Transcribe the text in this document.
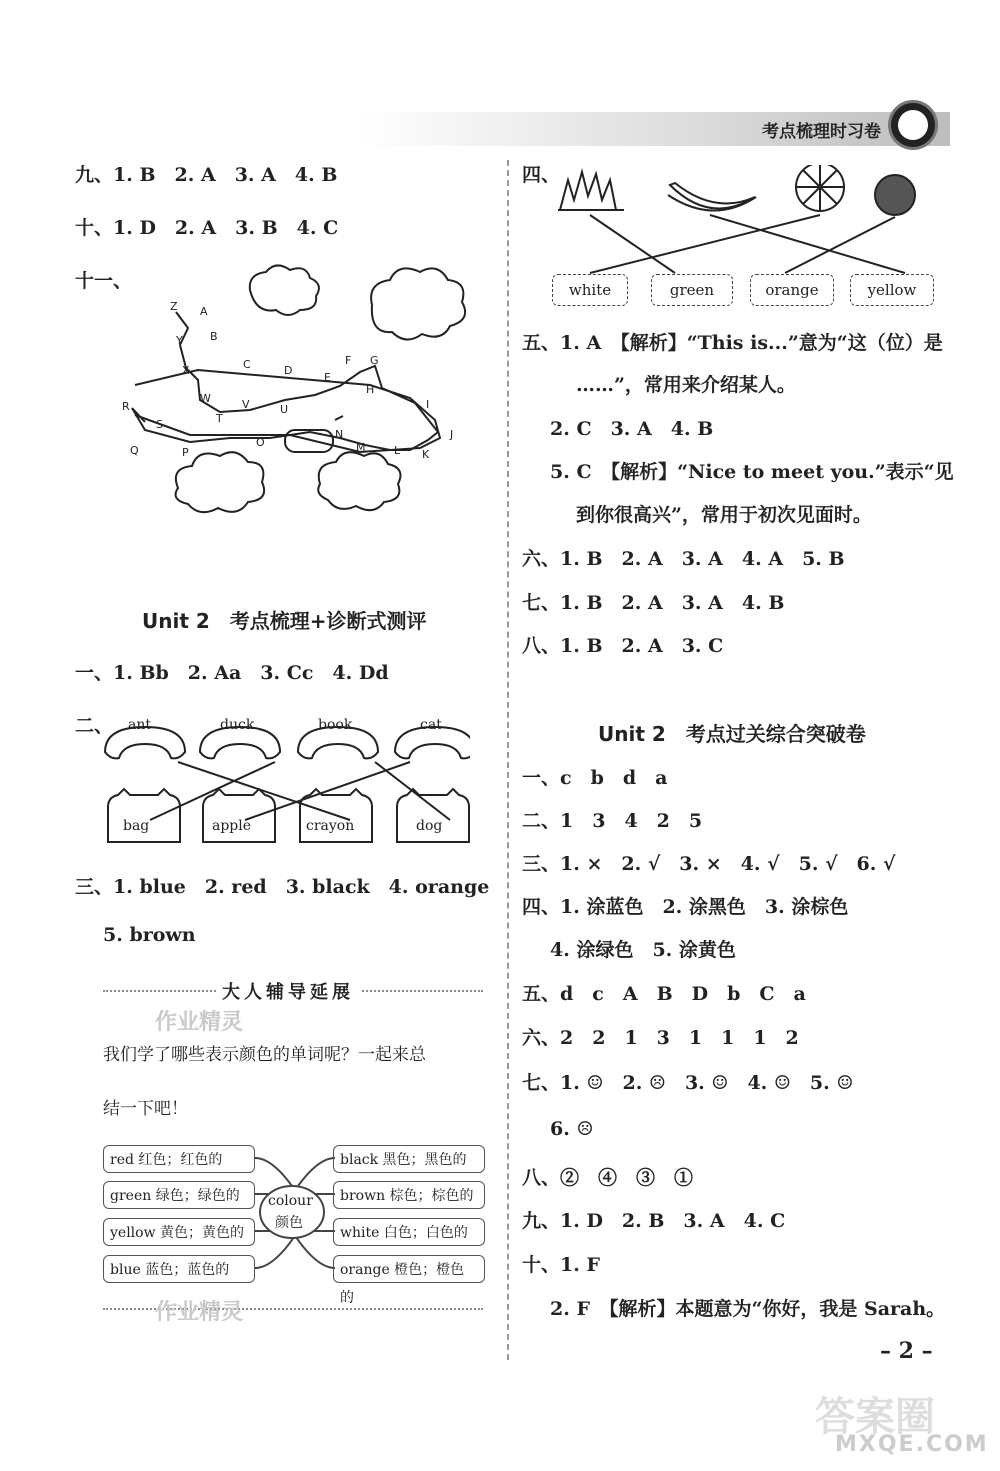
考点梳理时习卷
九、1. B　2. A　3. A　4. B
十、1. D　2. A　3. B　4. C
十一、
Z A
Y B
C
X	D
E
F G
H
I
W	V	U
J
R
S	T
O
N
M	L K
Q	P
Unit 2　考点梳理+诊断式测评
一、1. Bb　2. Aa　3. Cc　4. Dd
二、 ant	duck	book	cat
bag	apple	crayon	dog
三、1. blue　2. red　3. black　4. orange
5. brown
大人辅导延展
作业精灵
我们学了哪些表示颜色的单词呢？一起来总
结一下吧！
colour
颜色
red 红色；红色的
green 绿色；绿色的
yellow 黄色；黄色的
blue 蓝色；蓝色的
black 黑色；黑色的
brown 棕色；棕色的
white 白色；白色的
orange 橙色；橙色的
作业精灵
四、
white	green	orange	yellow
五、1. A　【解析】“This is...”意为“这（位）是
……”，常用来介绍某人。
2. C　3. A　4. B
5. C　【解析】“Nice to meet you.”表示“见
到你很高兴”，常用于初次见面时。
六、1. B　2. A　3. A　4. A　5. B
七、1. B　2. A　3. A　4. B
八、1. B　2. A　3. C
Unit 2　考点过关综合突破卷
一、c　b　d　a
二、1　3　4　2　5
三、1. ×　2. √　3. ×　4. √　5. √　6. √
四、1. 涂蓝色　2. 涂黑色　3. 涂棕色
4. 涂绿色　5. 涂黄色
五、d　c　A　B　D　b　C　a
六、2　2　1　3　1　1　1　2
七、1. ☺　2. ☹　3. ☺　4. ☺　5. ☺
6. ☹
八、②　④　③　①
九、1. D　2. B　3. A　4. C
十、1. F
2. F　【解析】本题意为“你好，我是 Sarah。
– 2 –
答案圈
MXQE.COM
